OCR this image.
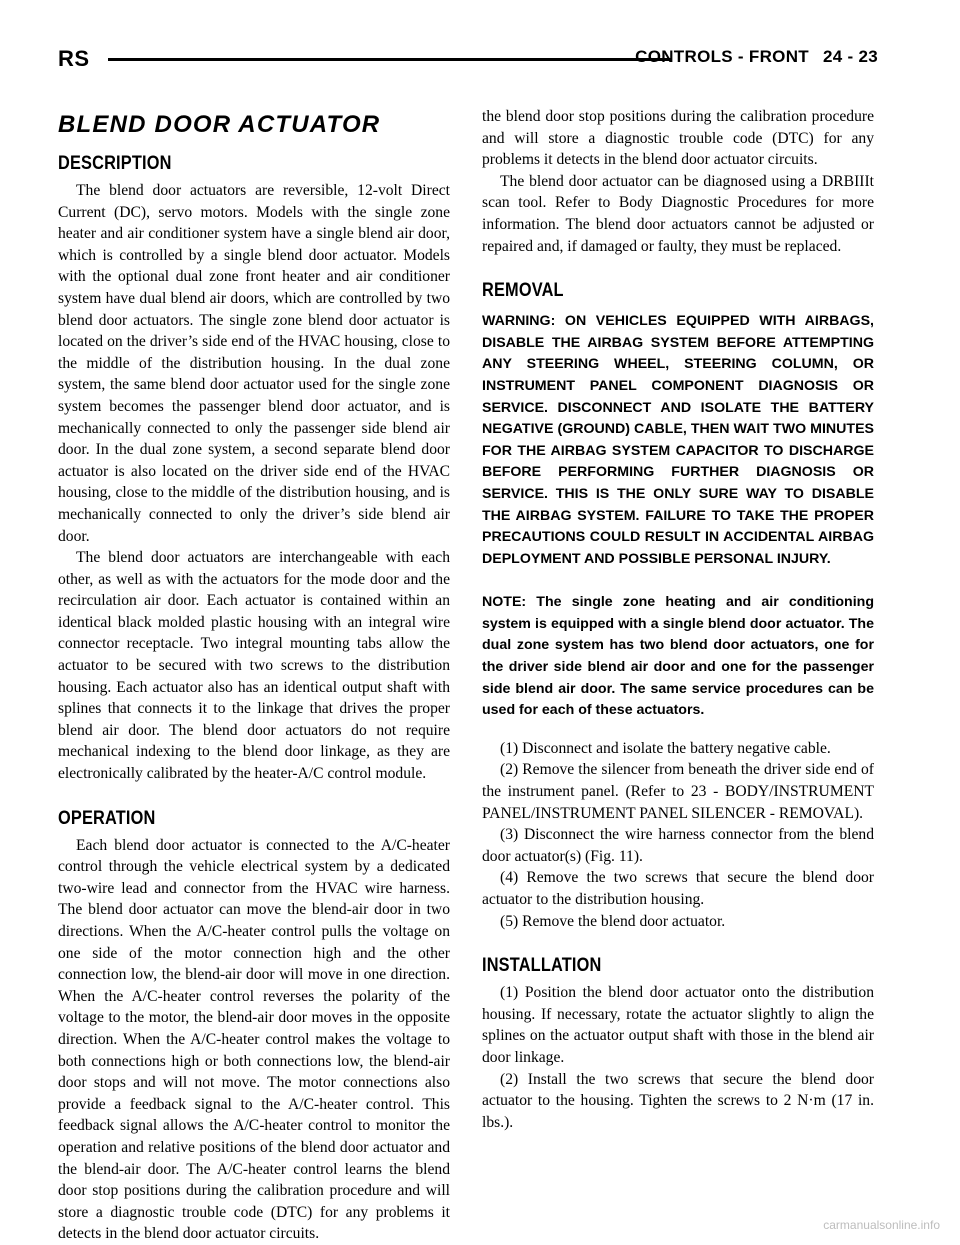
RS	CONTROLS - FRONT 24 - 23
BLEND DOOR ACTUATOR
DESCRIPTION

The blend door actuators are reversible, 12-volt Direct Current (DC), servo motors. Models with the single zone heater and air conditioner system have a single blend air door, which is controlled by a single blend door actuator. Models with the optional dual zone front heater and air conditioner system have dual blend air doors, which are controlled by two blend door actuators. The single zone blend door actuator is located on the driver’s side end of the HVAC housing, close to the middle of the distribution housing. In the dual zone system, the same blend door actuator used for the single zone system becomes the passenger blend door actuator, and is mechanically connected to only the passenger side blend air door. In the dual zone system, a second separate blend door actuator is also located on the driver side end of the HVAC housing, close to the middle of the distribution housing, and is mechanically connected to only the driver’s side blend air door.

The blend door actuators are interchangeable with each other, as well as with the actuators for the mode door and the recirculation air door. Each actuator is contained within an identical black molded plastic housing with an integral wire connector receptacle. Two integral mounting tabs allow the actuator to be secured with two screws to the distribution housing. Each actuator also has an identical output shaft with splines that connects it to the linkage that drives the proper blend air door. The blend door actuators do not require mechanical indexing to the blend door linkage, as they are electronically calibrated by the heater-A/C control module.

OPERATION

Each blend door actuator is connected to the A/C-heater control through the vehicle electrical system by a dedicated two-wire lead and connector from the HVAC wire harness. The blend door actuator can move the blend-air door in two directions. When the A/C-heater control pulls the voltage on one side of the motor connection high and the other connection low, the blend-air door will move in one direction. When the A/C-heater control reverses the polarity of the voltage to the motor, the blend-air door moves in the opposite direction. When the A/C-heater control makes the voltage to both connections high or both connections low, the blend-air door stops and will not move. The motor connections also provide a feedback signal to the A/C-heater control. This feedback signal allows the A/C-heater control to monitor the operation and relative positions of the blend door actuator and the blend-air door. The A/C-heater control learns the blend door stop positions during the calibration procedure and will store a diagnostic trouble code (DTC) for any problems it detects in the blend door actuator circuits.

the blend door stop positions during the calibration procedure and will store a diagnostic trouble code (DTC) for any problems it detects in the blend door actuator circuits.

The blend door actuator can be diagnosed using a DRBIIIt scan tool. Refer to Body Diagnostic Procedures for more information. The blend door actuators cannot be adjusted or repaired and, if damaged or faulty, they must be replaced.

REMOVAL

WARNING: ON VEHICLES EQUIPPED WITH AIRBAGS, DISABLE THE AIRBAG SYSTEM BEFORE ATTEMPTING ANY STEERING WHEEL, STEERING COLUMN, OR INSTRUMENT PANEL COMPONENT DIAGNOSIS OR SERVICE. DISCONNECT AND ISOLATE THE BATTERY NEGATIVE (GROUND) CABLE, THEN WAIT TWO MINUTES FOR THE AIRBAG SYSTEM CAPACITOR TO DISCHARGE BEFORE PERFORMING FURTHER DIAGNOSIS OR SERVICE. THIS IS THE ONLY SURE WAY TO DISABLE THE AIRBAG SYSTEM. FAILURE TO TAKE THE PROPER PRECAUTIONS COULD RESULT IN ACCIDENTAL AIRBAG DEPLOYMENT AND POSSIBLE PERSONAL INJURY.

NOTE: The single zone heating and air conditioning system is equipped with a single blend door actuator. The dual zone system has two blend door actuators, one for the driver side blend air door and one for the passenger side blend air door. The same service procedures can be used for each of these actuators.

(1) Disconnect and isolate the battery negative cable.

(2) Remove the silencer from beneath the driver side end of the instrument panel. (Refer to 23 - BODY/INSTRUMENT PANEL/INSTRUMENT PANEL SILENCER - REMOVAL).

(3) Disconnect the wire harness connector from the blend door actuator(s) (Fig. 11).

(4) Remove the two screws that secure the blend door actuator to the distribution housing.

(5) Remove the blend door actuator.

INSTALLATION

(1) Position the blend door actuator onto the distribution housing. If necessary, rotate the actuator slightly to align the splines on the actuator output shaft with those in the blend air door linkage.

(2) Install the two screws that secure the blend door actuator to the housing. Tighten the screws to 2 N·m (17 in. lbs.).

carmanualsonline.info
